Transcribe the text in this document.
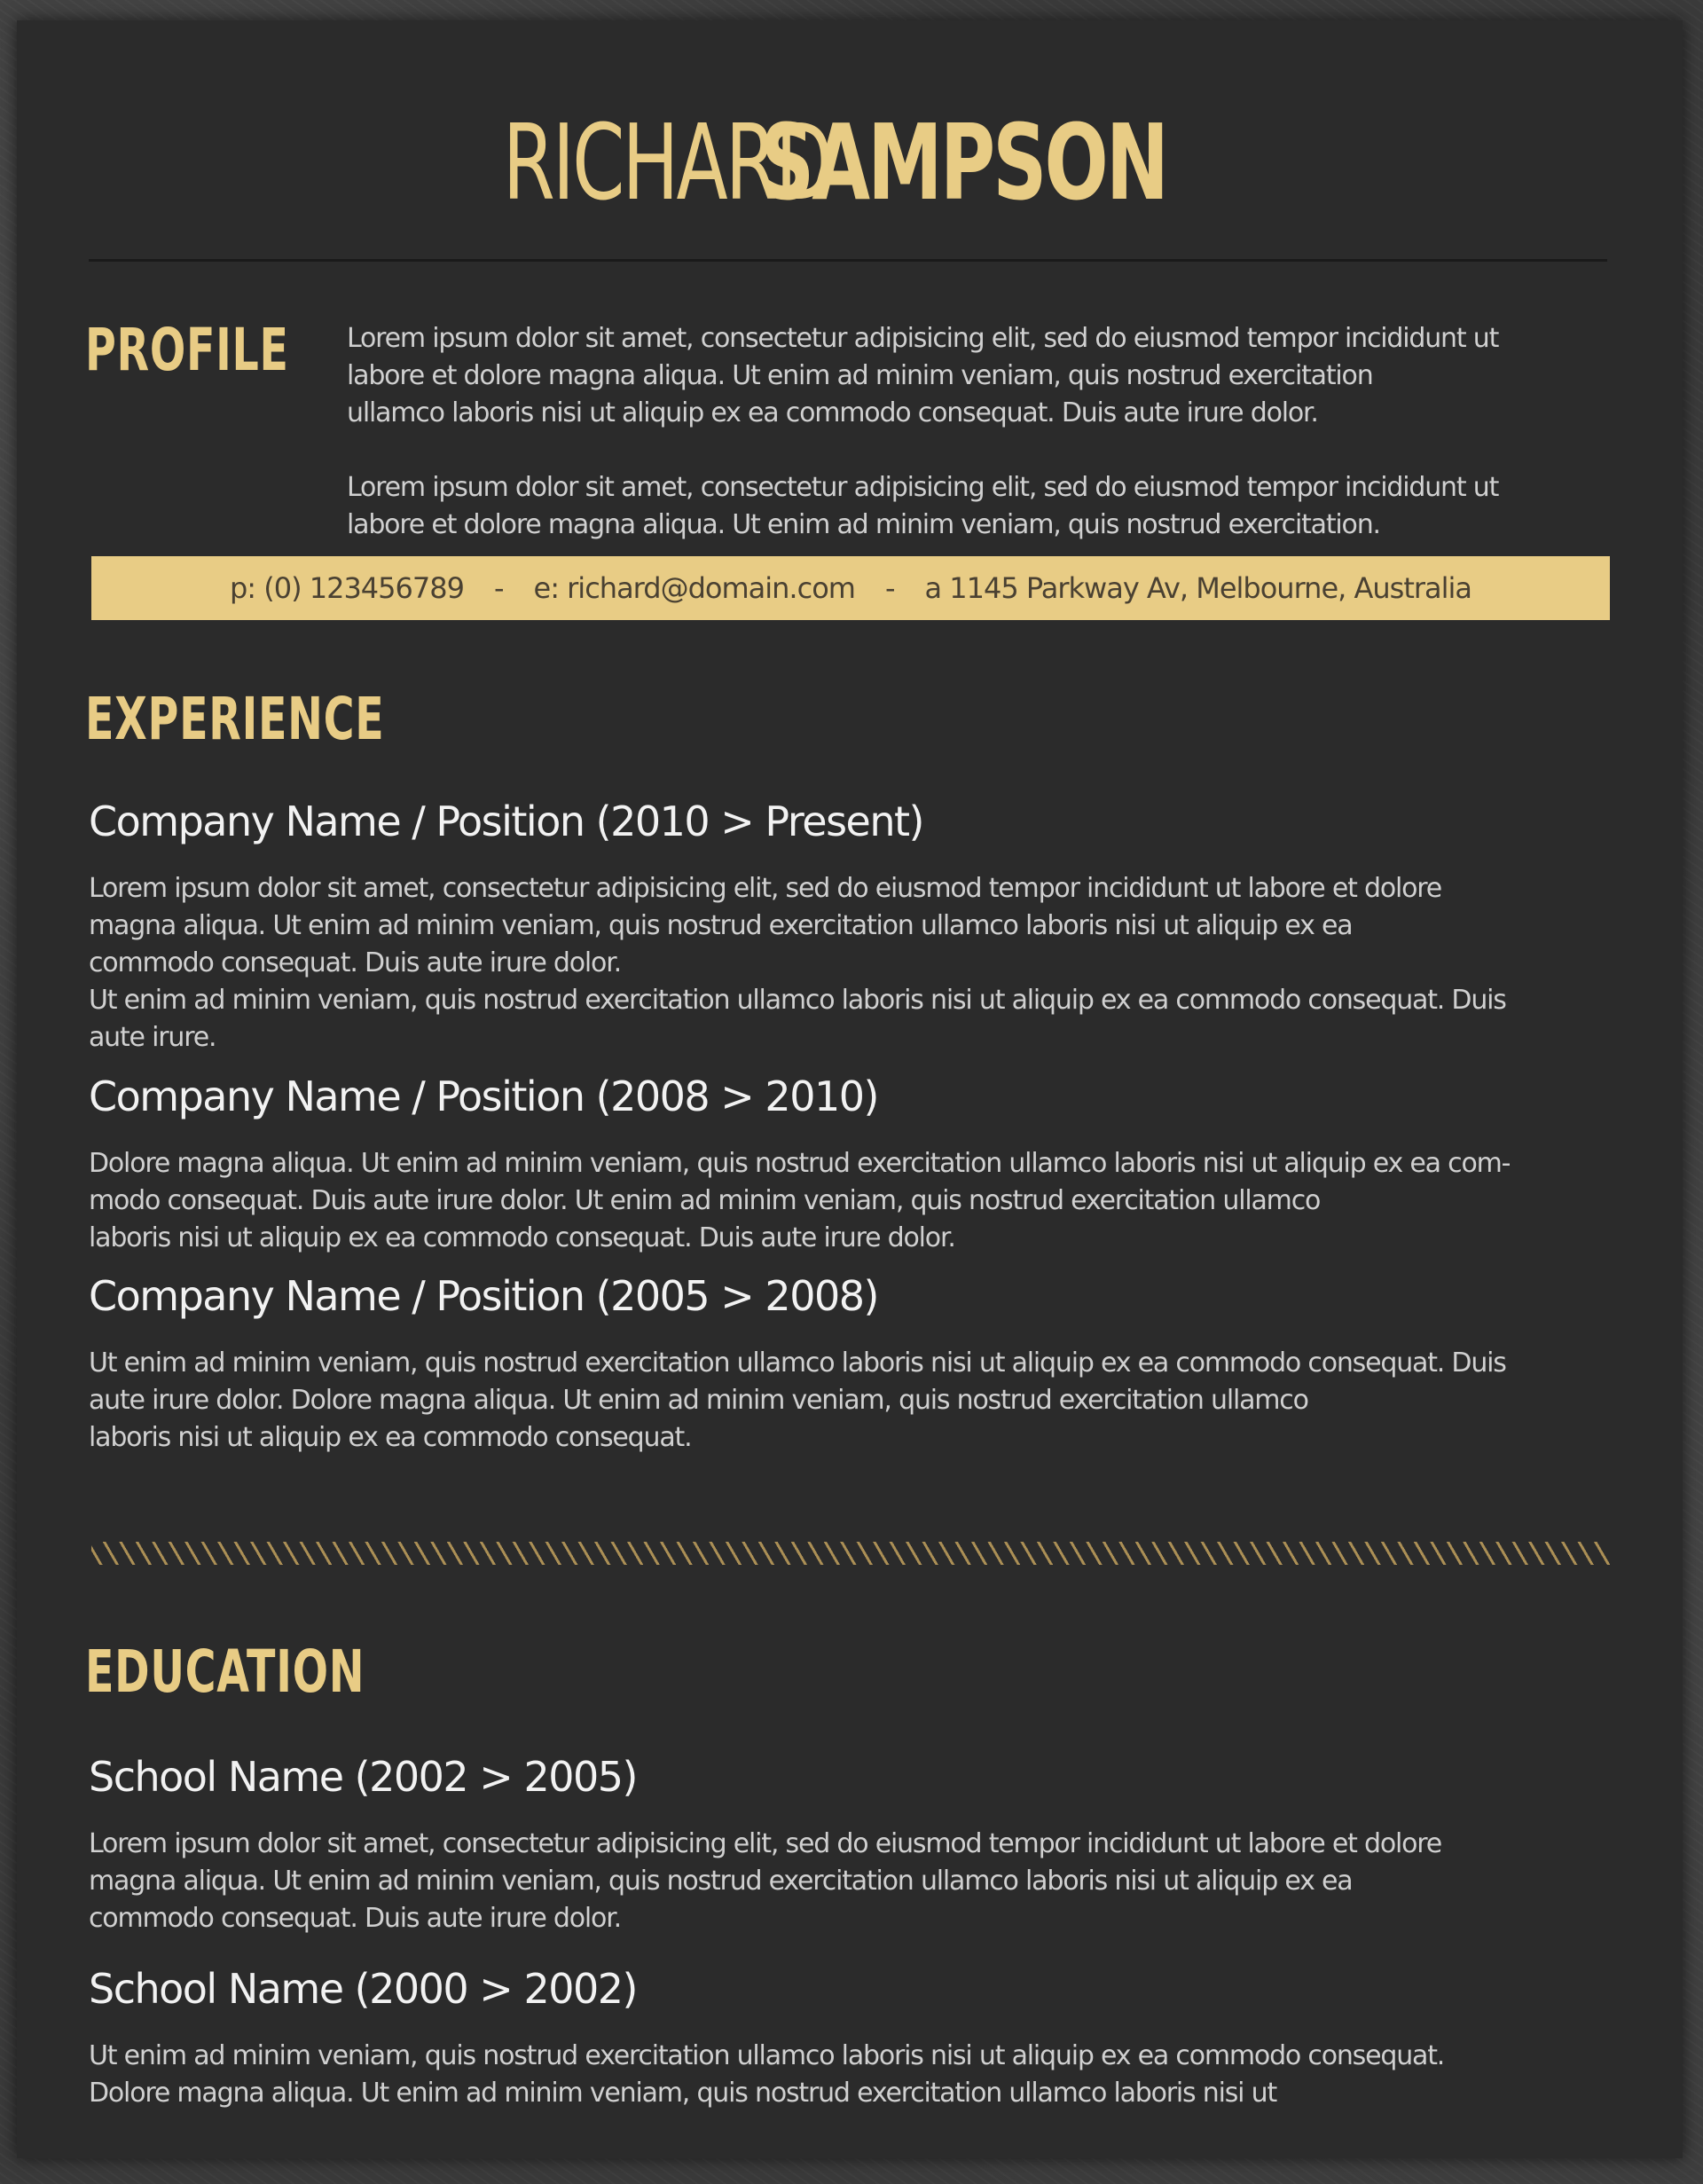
RICHARDSAMPSON
PROFILE Lorem ipsum dolor sit amet, consectetur adipisicing elit, sed do eiusmod tempor incididunt ut
labore et dolore magna aliqua. Ut enim ad minim veniam, quis nostrud exercitation
ullamco laboris nisi ut aliquip ex ea commodo consequat. Duis aute irure dolor.

Lorem ipsum dolor sit amet, consectetur adipisicing elit, sed do eiusmod tempor incididunt ut
labore et dolore magna aliqua. Ut enim ad minim veniam, quis nostrud exercitation.

p: (0) 123456789 - e: richard@domain.com - a 1145 Parkway Av, Melbourne, Australia
EXPERIENCE
Company Name / Position (2010 > Present)

Lorem ipsum dolor sit amet, consectetur adipisicing elit, sed do eiusmod tempor incididunt ut labore et dolore
magna aliqua. Ut enim ad minim veniam, quis nostrud exercitation ullamco laboris nisi ut aliquip ex ea
commodo consequat. Duis aute irure dolor.
Ut enim ad minim veniam, quis nostrud exercitation ullamco laboris nisi ut aliquip ex ea commodo consequat. Duis
aute irure.

Company Name / Position (2008 > 2010)

Dolore magna aliqua. Ut enim ad minim veniam, quis nostrud exercitation ullamco laboris nisi ut aliquip ex ea com-
modo consequat. Duis aute irure dolor. Ut enim ad minim veniam, quis nostrud exercitation ullamco
laboris nisi ut aliquip ex ea commodo consequat. Duis aute irure dolor.

Company Name / Position (2005 > 2008)

Ut enim ad minim veniam, quis nostrud exercitation ullamco laboris nisi ut aliquip ex ea commodo consequat. Duis
aute irure dolor. Dolore magna aliqua. Ut enim ad minim veniam, quis nostrud exercitation ullamco
laboris nisi ut aliquip ex ea commodo consequat.

EDUCATION
School Name (2002 > 2005)

Lorem ipsum dolor sit amet, consectetur adipisicing elit, sed do eiusmod tempor incididunt ut labore et dolore
magna aliqua. Ut enim ad minim veniam, quis nostrud exercitation ullamco laboris nisi ut aliquip ex ea
commodo consequat. Duis aute irure dolor.

School Name (2000 > 2002)

Ut enim ad minim veniam, quis nostrud exercitation ullamco laboris nisi ut aliquip ex ea commodo consequat.
Dolore magna aliqua. Ut enim ad minim veniam, quis nostrud exercitation ullamco laboris nisi ut
